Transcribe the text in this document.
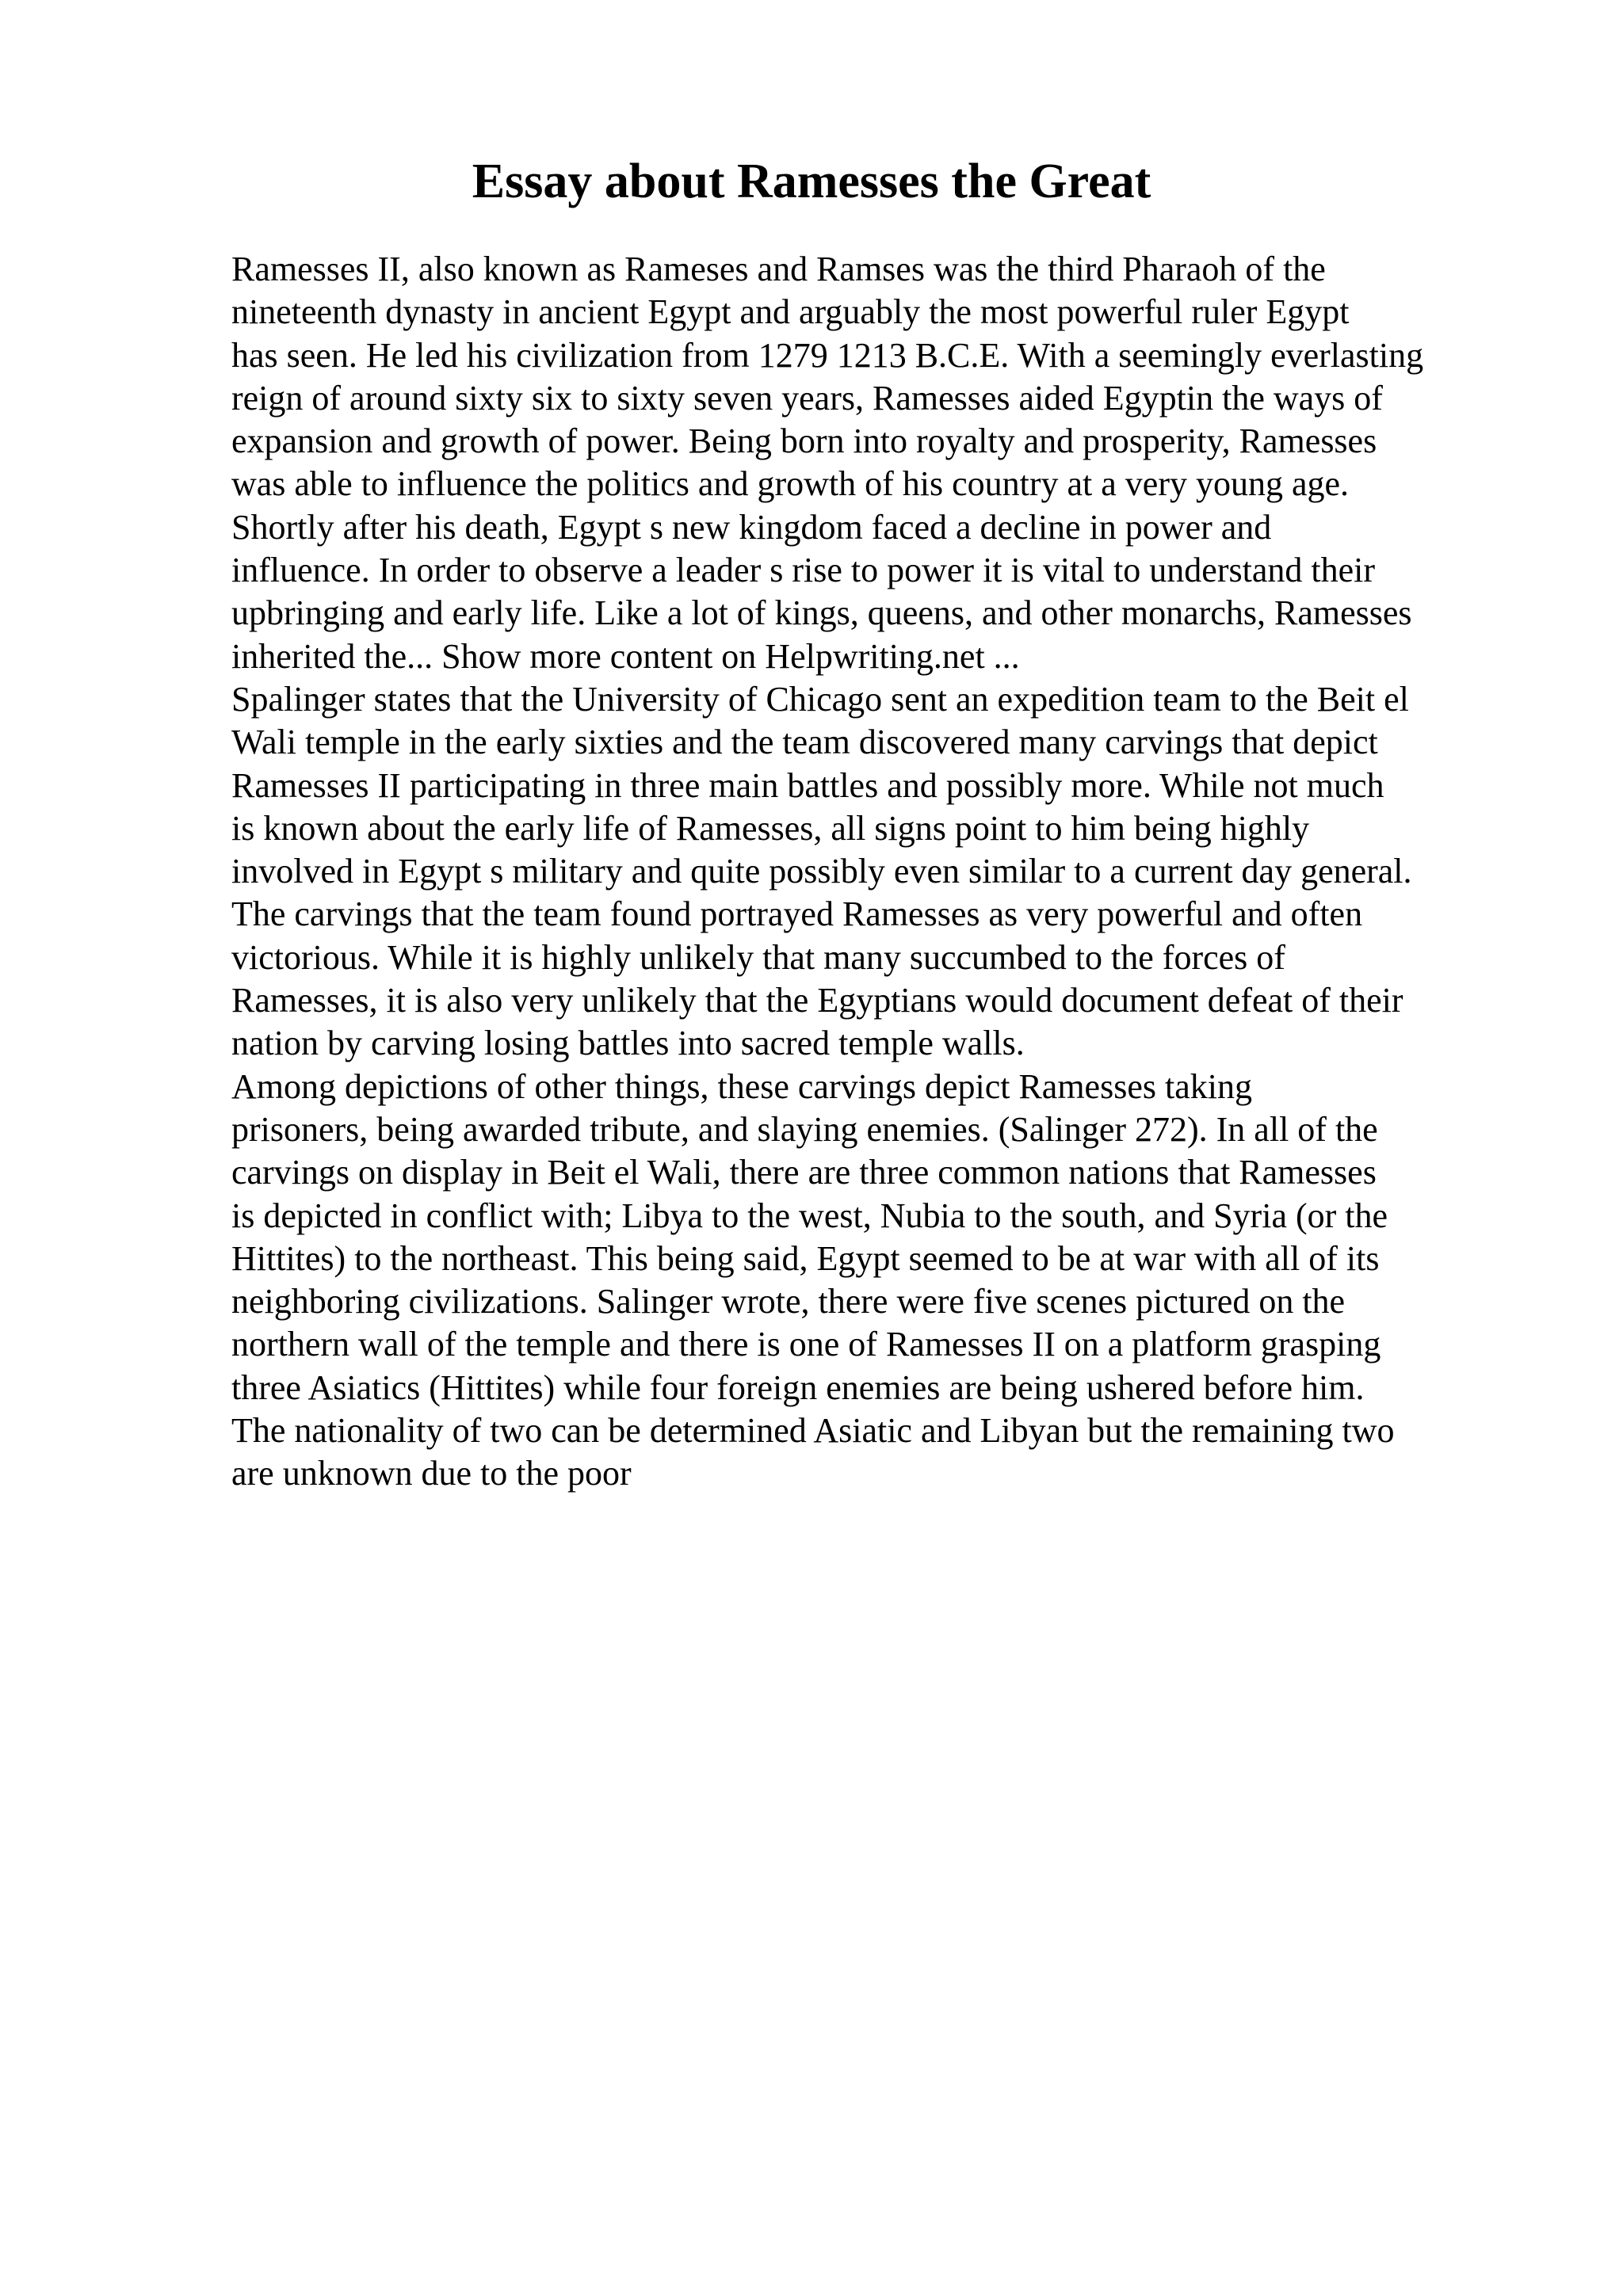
Essay about Ramesses the Great
Ramesses II, also known as Rameses and Ramses was the third Pharaoh of the
nineteenth dynasty in ancient Egypt and arguably the most powerful ruler Egypt
has seen. He led his civilization from 1279 1213 B.C.E. With a seemingly everlasting
reign of around sixty six to sixty seven years, Ramesses aided Egyptin the ways of
expansion and growth of power. Being born into royalty and prosperity, Ramesses
was able to influence the politics and growth of his country at a very young age.
Shortly after his death, Egypt s new kingdom faced a decline in power and
influence. In order to observe a leader s rise to power it is vital to understand their
upbringing and early life. Like a lot of kings, queens, and other monarchs, Ramesses
inherited the... Show more content on Helpwriting.net ...
Spalinger states that the University of Chicago sent an expedition team to the Beit el
Wali temple in the early sixties and the team discovered many carvings that depict
Ramesses II participating in three main battles and possibly more. While not much
is known about the early life of Ramesses, all signs point to him being highly
involved in Egypt s military and quite possibly even similar to a current day general.
The carvings that the team found portrayed Ramesses as very powerful and often
victorious. While it is highly unlikely that many succumbed to the forces of
Ramesses, it is also very unlikely that the Egyptians would document defeat of their
nation by carving losing battles into sacred temple walls.
Among depictions of other things, these carvings depict Ramesses taking
prisoners, being awarded tribute, and slaying enemies. (Salinger 272). In all of the
carvings on display in Beit el Wali, there are three common nations that Ramesses
is depicted in conflict with; Libya to the west, Nubia to the south, and Syria (or the
Hittites) to the northeast. This being said, Egypt seemed to be at war with all of its
neighboring civilizations. Salinger wrote, there were five scenes pictured on the
northern wall of the temple and there is one of Ramesses II on a platform grasping
three Asiatics (Hittites) while four foreign enemies are being ushered before him.
The nationality of two can be determined Asiatic and Libyan but the remaining two
are unknown due to the poor
